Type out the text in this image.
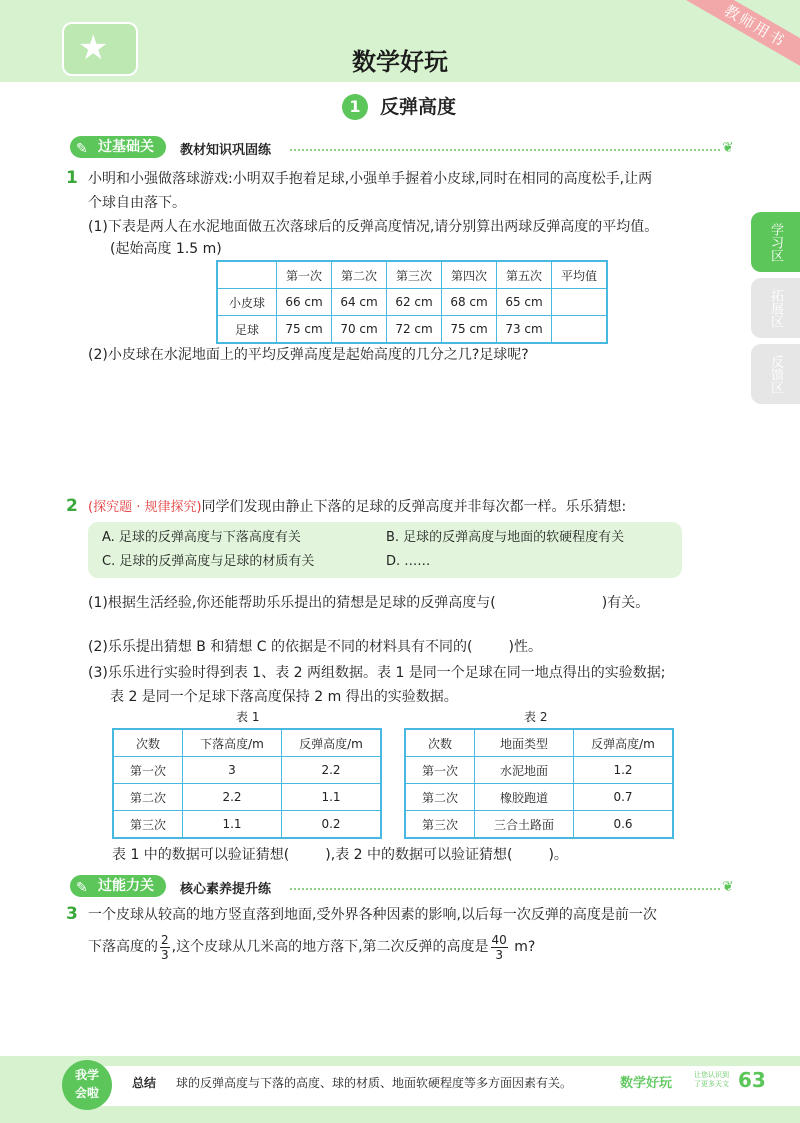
★	教师用书
数学好玩
1	反弹高度
学习区
拓展区
反馈区
✎ 过基础关	教材知识巩固练	❦
1 小明和小强做落球游戏:小明双手抱着足球,小强单手握着小皮球,同时在相同的高度松手,让两
个球自由落下。
(1)下表是两人在水泥地面做五次落球后的反弹高度情况,请分别算出两球反弹高度的平均值。
(起始高度 1.5 m)
	第一次	第二次	第三次	第四次	第五次	平均值
小皮球	66 cm	64 cm	62 cm	68 cm	65 cm	
足球	75 cm	70 cm	72 cm	75 cm	73 cm	
(2)小皮球在水泥地面上的平均反弹高度是起始高度的几分之几?足球呢?
2 (探究题 · 规律探究)同学们发现由静止下落的足球的反弹高度并非每次都一样。乐乐猜想:
A. 足球的反弹高度与下落高度有关	B. 足球的反弹高度与地面的软硬程度有关
C. 足球的反弹高度与足球的材质有关	D. ……
(1)根据生活经验,你还能帮助乐乐提出的猜想是足球的反弹高度与(	)有关。
(2)乐乐提出猜想 B 和猜想 C 的依据是不同的材料具有不同的(	)性。
(3)乐乐进行实验时得到表 1、表 2 两组数据。表 1 是同一个足球在同一地点得出的实验数据;
表 2 是同一个足球下落高度保持 2 m 得出的实验数据。
表 1
次数	下落高度/m	反弹高度/m
第一次	3	2.2
第二次	2.2	1.1
第三次	1.1	0.2
表 2
次数	地面类型	反弹高度/m
第一次	水泥地面	1.2
第二次	橡胶跑道	0.7
第三次	三合土路面	0.6
表 1 中的数据可以验证猜想(	),表 2 中的数据可以验证猜想(	)。
✎ 过能力关	核心素养提升练	❦
3 一个皮球从较高的地方竖直落到地面,受外界各种因素的影响,以后每一次反弹的高度是前一次
下落高度的 $\frac{2}{3}$ ,这个皮球从几米高的地方落下,第二次反弹的高度是 $\frac{40}{3} m$?
我学
会啦
总结 球的反弹高度与下落的高度、球的材质、地面软硬程度等多方面因素有关。	数学好玩
让您认识到
了更多天文 63
